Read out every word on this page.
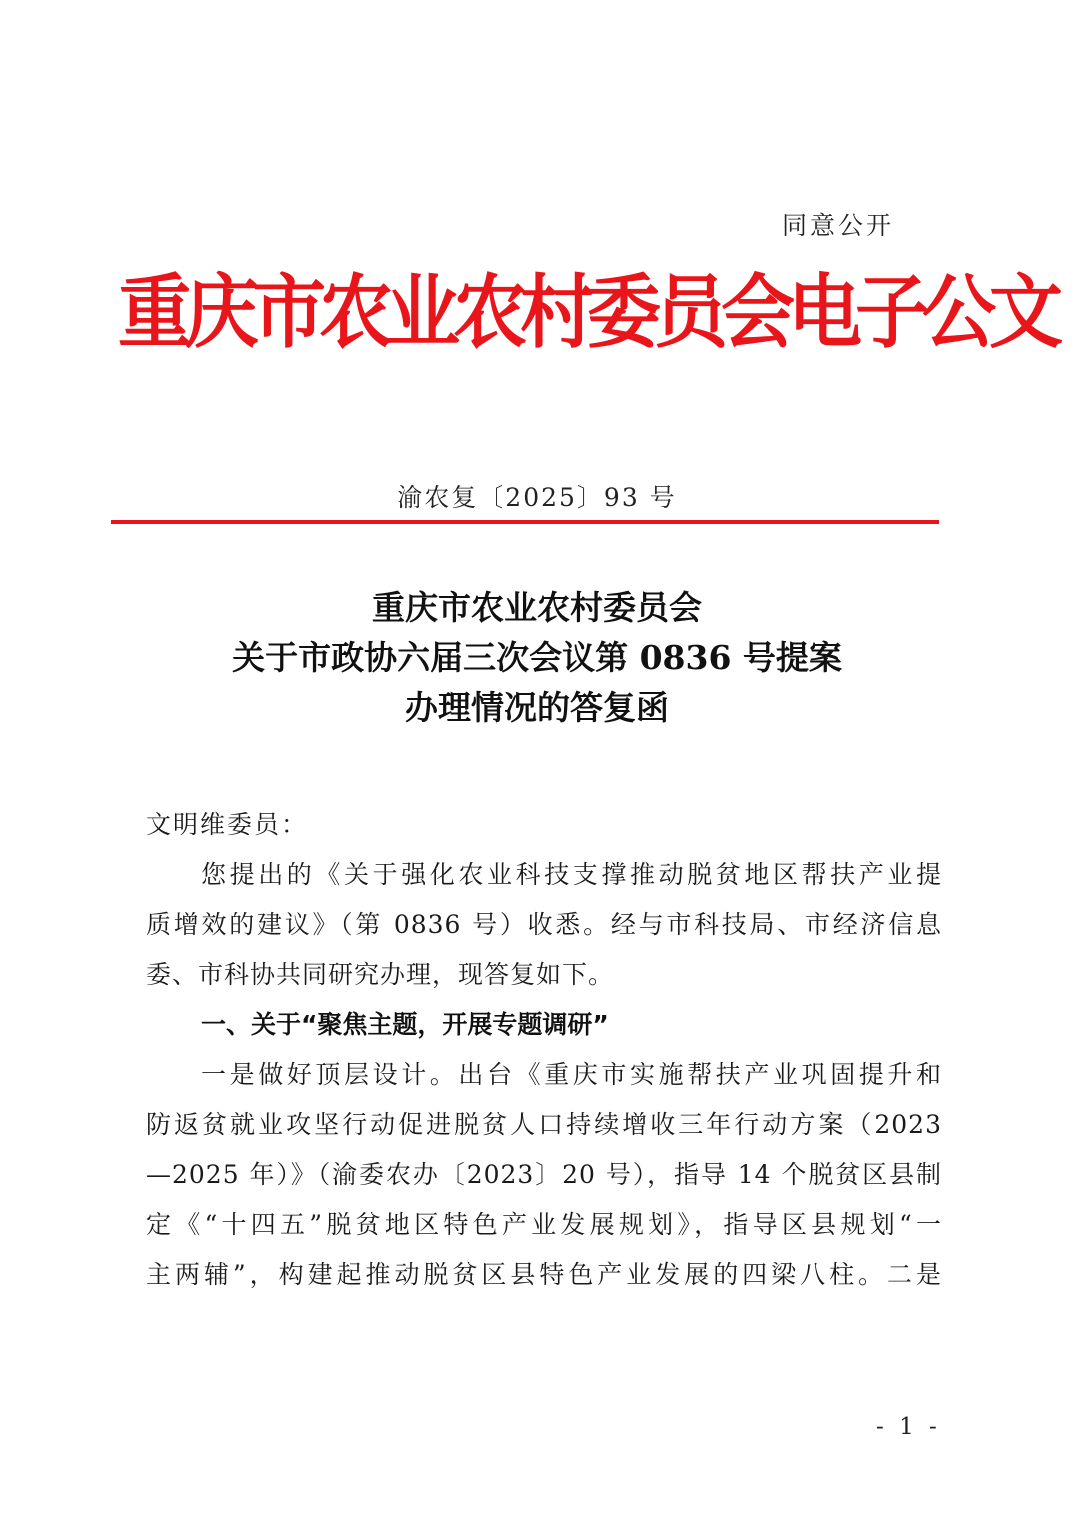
同意公开
重庆市农业农村委员会电子公文
渝农复〔2025〕93 号
重庆市农业农村委员会
关于市政协六届三次会议第 0836 号提案
办理情况的答复函
文明维委员：
您提出的《关于强化农业科技支撑推动脱贫地区帮扶产业提
质增效的建议》（第 0836 号）收悉。经与市科技局、市经济信息
委、市科协共同研究办理，现答复如下。
一、关于“聚焦主题，开展专题调研”
一是做好顶层设计。出台《重庆市实施帮扶产业巩固提升和
防返贫就业攻坚行动促进脱贫人口持续增收三年行动方案（2023
—2025 年）》（渝委农办〔2023〕20 号），指导 14 个脱贫区县制
定《“十四五”脱贫地区特色产业发展规划》，指导区县规划“一
主两辅”，构建起推动脱贫区县特色产业发展的四梁八柱。二是
- 1 -
